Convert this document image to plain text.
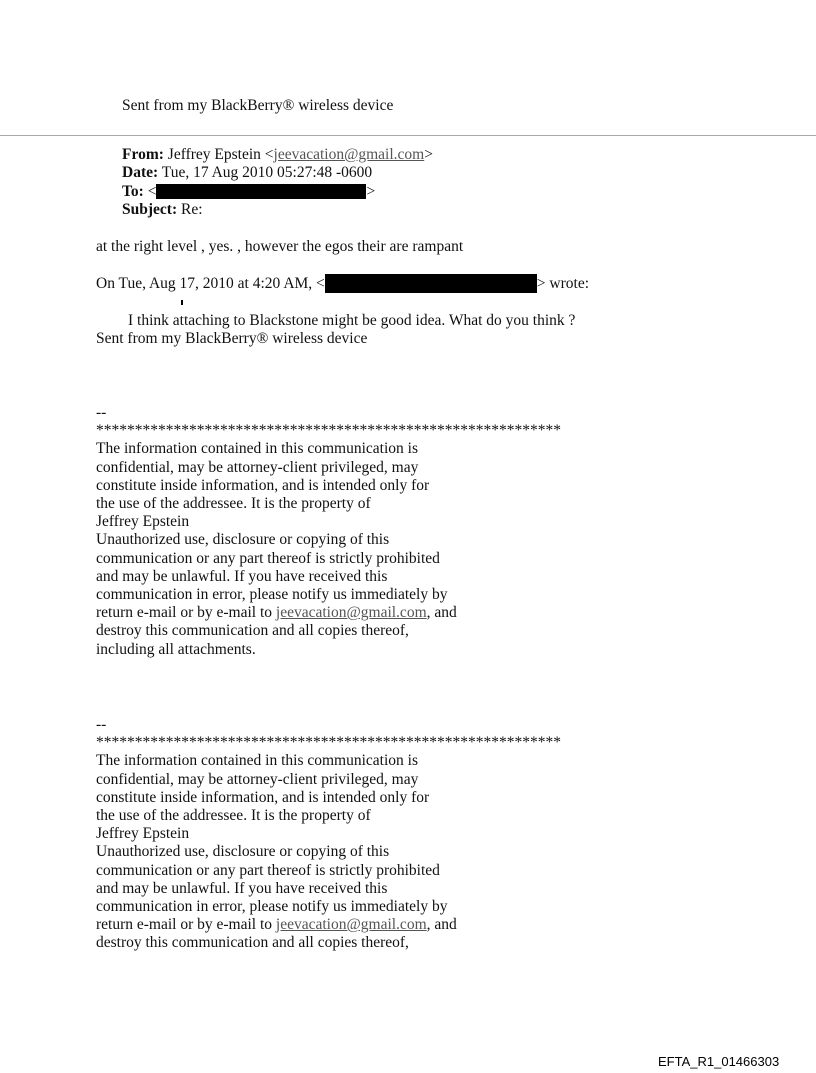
Sent from my BlackBerry® wireless device
From: Jeffrey Epstein <jeevacation@gmail.com>
Date: Tue, 17 Aug 2010 05:27:48 -0600
To: <	>
Subject: Re:
at the right level , yes. , however the egos their are rampant
On Tue, Aug 17, 2010 at 4:20 AM, <	> wrote:
I think attaching to Blackstone might be good idea. What do you think ?
Sent from my BlackBerry® wireless device
--
************************************************************
The information contained in this communication is
confidential, may be attorney-client privileged, may
constitute inside information, and is intended only for
the use of the addressee. It is the property of
Jeffrey Epstein
Unauthorized use, disclosure or copying of this
communication or any part thereof is strictly prohibited
and may be unlawful. If you have received this
communication in error, please notify us immediately by
return e-mail or by e-mail to jeevacation@gmail.com, and
destroy this communication and all copies thereof,
including all attachments.
--
************************************************************
The information contained in this communication is
confidential, may be attorney-client privileged, may
constitute inside information, and is intended only for
the use of the addressee. It is the property of
Jeffrey Epstein
Unauthorized use, disclosure or copying of this
communication or any part thereof is strictly prohibited
and may be unlawful. If you have received this
communication in error, please notify us immediately by
return e-mail or by e-mail to jeevacation@gmail.com, and
destroy this communication and all copies thereof,
EFTA_R1_01466303
